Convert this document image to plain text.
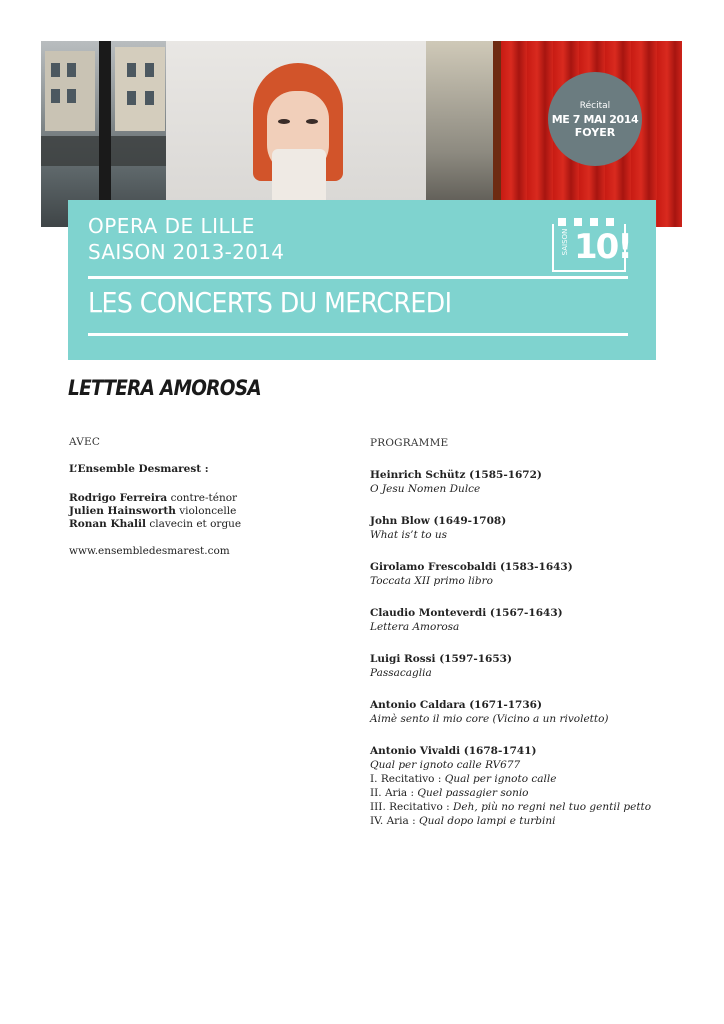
Récital
ME 7 MAI 2014
FOYER
OPERA DE LILLE
SAISON 2013-2014	SAISON 10!
LES CONCERTS DU MERCREDI
LETTERA AMOROSA
AVEC
L’Ensemble Desmarest :
Rodrigo Ferreira contre-ténor
Julien Hainsworth violoncelle
Ronan Khalil clavecin et orgue
www.ensembledesmarest.com
PROGRAMME
Heinrich Schütz (1585-1672)
O Jesu Nomen Dulce
John Blow (1649-1708)
What is’t to us
Girolamo Frescobaldi (1583-1643)
Toccata XII primo libro
Claudio Monteverdi (1567-1643)
Lettera Amorosa
Luigi Rossi (1597-1653)
Passacaglia
Antonio Caldara (1671-1736)
Aimè sento il mio core (Vicino a un rivoletto)
Antonio Vivaldi (1678-1741)
Qual per ignoto calle RV677
I. Recitativo : Qual per ignoto calle
II. Aria : Quel passagier sonio
III. Recitativo : Deh, più no regni nel tuo gentil petto
IV. Aria : Qual dopo lampi e turbini
